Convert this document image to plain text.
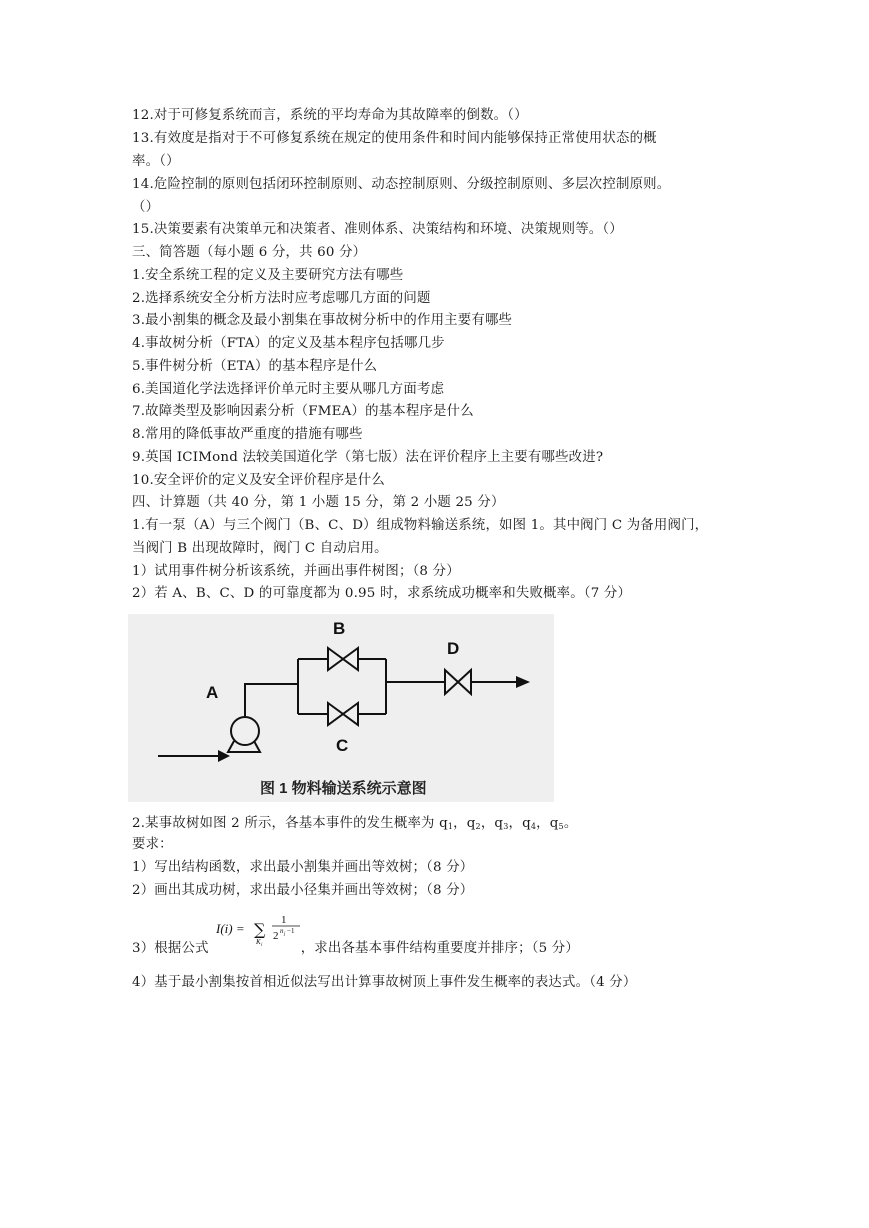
12.对于可修复系统而言，系统的平均寿命为其故障率的倒数。（）
13.有效度是指对于不可修复系统在规定的使用条件和时间内能够保持正常使用状态的概
率。（）
14.危险控制的原则包括闭环控制原则、动态控制原则、分级控制原则、多层次控制原则。
（）
15.决策要素有决策单元和决策者、准则体系、决策结构和环境、决策规则等。（）
三、简答题（每小题 6 分，共 60 分）
1.安全系统工程的定义及主要研究方法有哪些
2.选择系统安全分析方法时应考虑哪几方面的问题
3.最小割集的概念及最小割集在事故树分析中的作用主要有哪些
4.事故树分析（FTA）的定义及基本程序包括哪几步
5.事件树分析（ETA）的基本程序是什么
6.美国道化学法选择评价单元时主要从哪几方面考虑
7.故障类型及影响因素分析（FMEA）的基本程序是什么
8.常用的降低事故严重度的措施有哪些
9.英国 ICIMond 法较美国道化学（第七版）法在评价程序上主要有哪些改进?
10.安全评价的定义及安全评价程序是什么
四、计算题（共 40 分，第 1 小题 15 分，第 2 小题 25 分）
1.有一泵（A）与三个阀门（B、C、D）组成物料输送系统，如图 1。其中阀门 C 为备用阀门，
当阀门 B 出现故障时，阀门 C 自动启用。
1）试用事件树分析该系统，并画出事件树图；（8 分）
2）若 A、B、C、D 的可靠度都为 0.95 时，求系统成功概率和失败概率。（7 分）
A
B
C
D
图 1 物料输送系统示意图
2.某事故树如图 2 所示，各基本事件的发生概率为 $q_1$，$q_2$，$q_3$，$q_4$，$q_5$。
要求：
1）写出结构函数，求出最小割集并画出等效树；（8 分）
2）画出其成功树，求出最小径集并画出等效树；（8 分）
I(i) = ∑
K j
1
2 n j −1
3）根据公式	，求出各基本事件结构重要度并排序；（5 分）
4）基于最小割集按首相近似法写出计算事故树顶上事件发生概率的表达式。（4 分）
